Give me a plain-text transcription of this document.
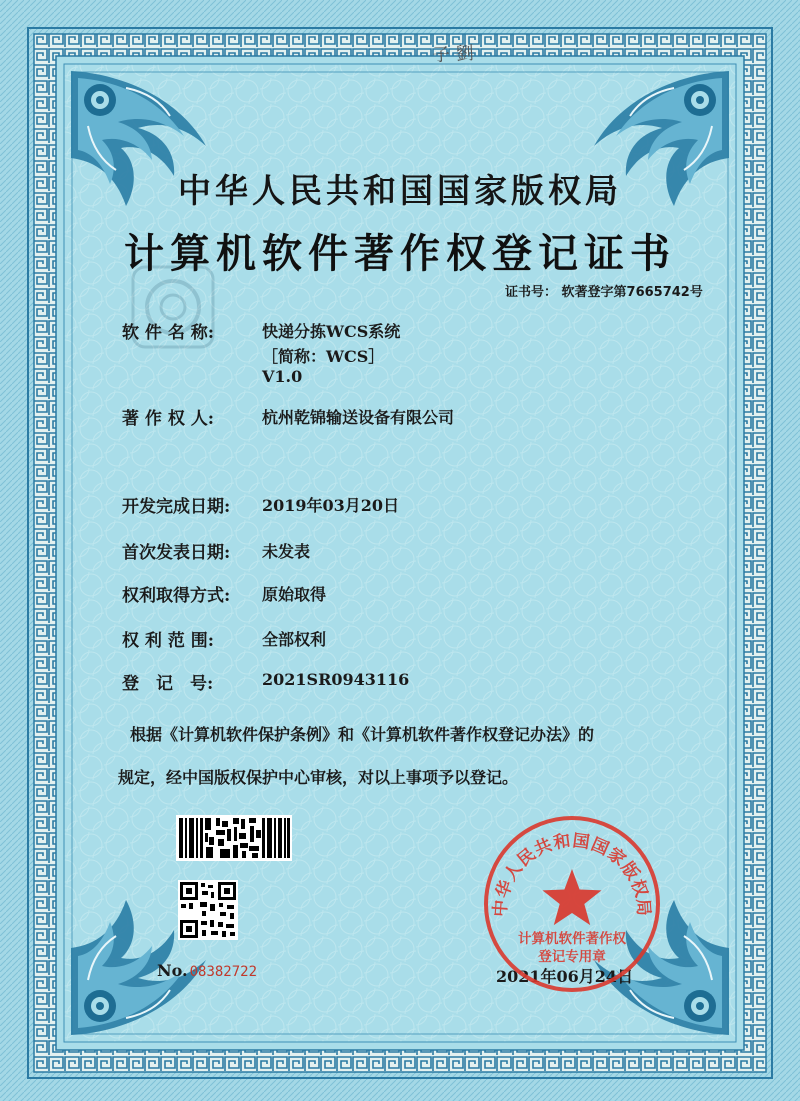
子 劉
中华人民共和国国家版权局
计算机软件著作权登记证书
证书号： 软著登字第7665742号
软 件 名 称:	快递分拣WCS系统
［简称：WCS］
V1.0
著 作 权 人:	杭州乾锦输送设备有限公司
开发完成日期: 2019年03月20日
首次发表日期: 未发表
权利取得方式: 原始取得
权 利 范 围:	全部权利
登　记　号:	2021SR0943116
根据《计算机软件保护条例》和《计算机软件著作权登记办法》的
规定，经中国版权保护中心审核，对以上事项予以登记。
No. 08382722	2021年06月24日
中华人民共和国国家版权局
计算机软件著作权
登记专用章
